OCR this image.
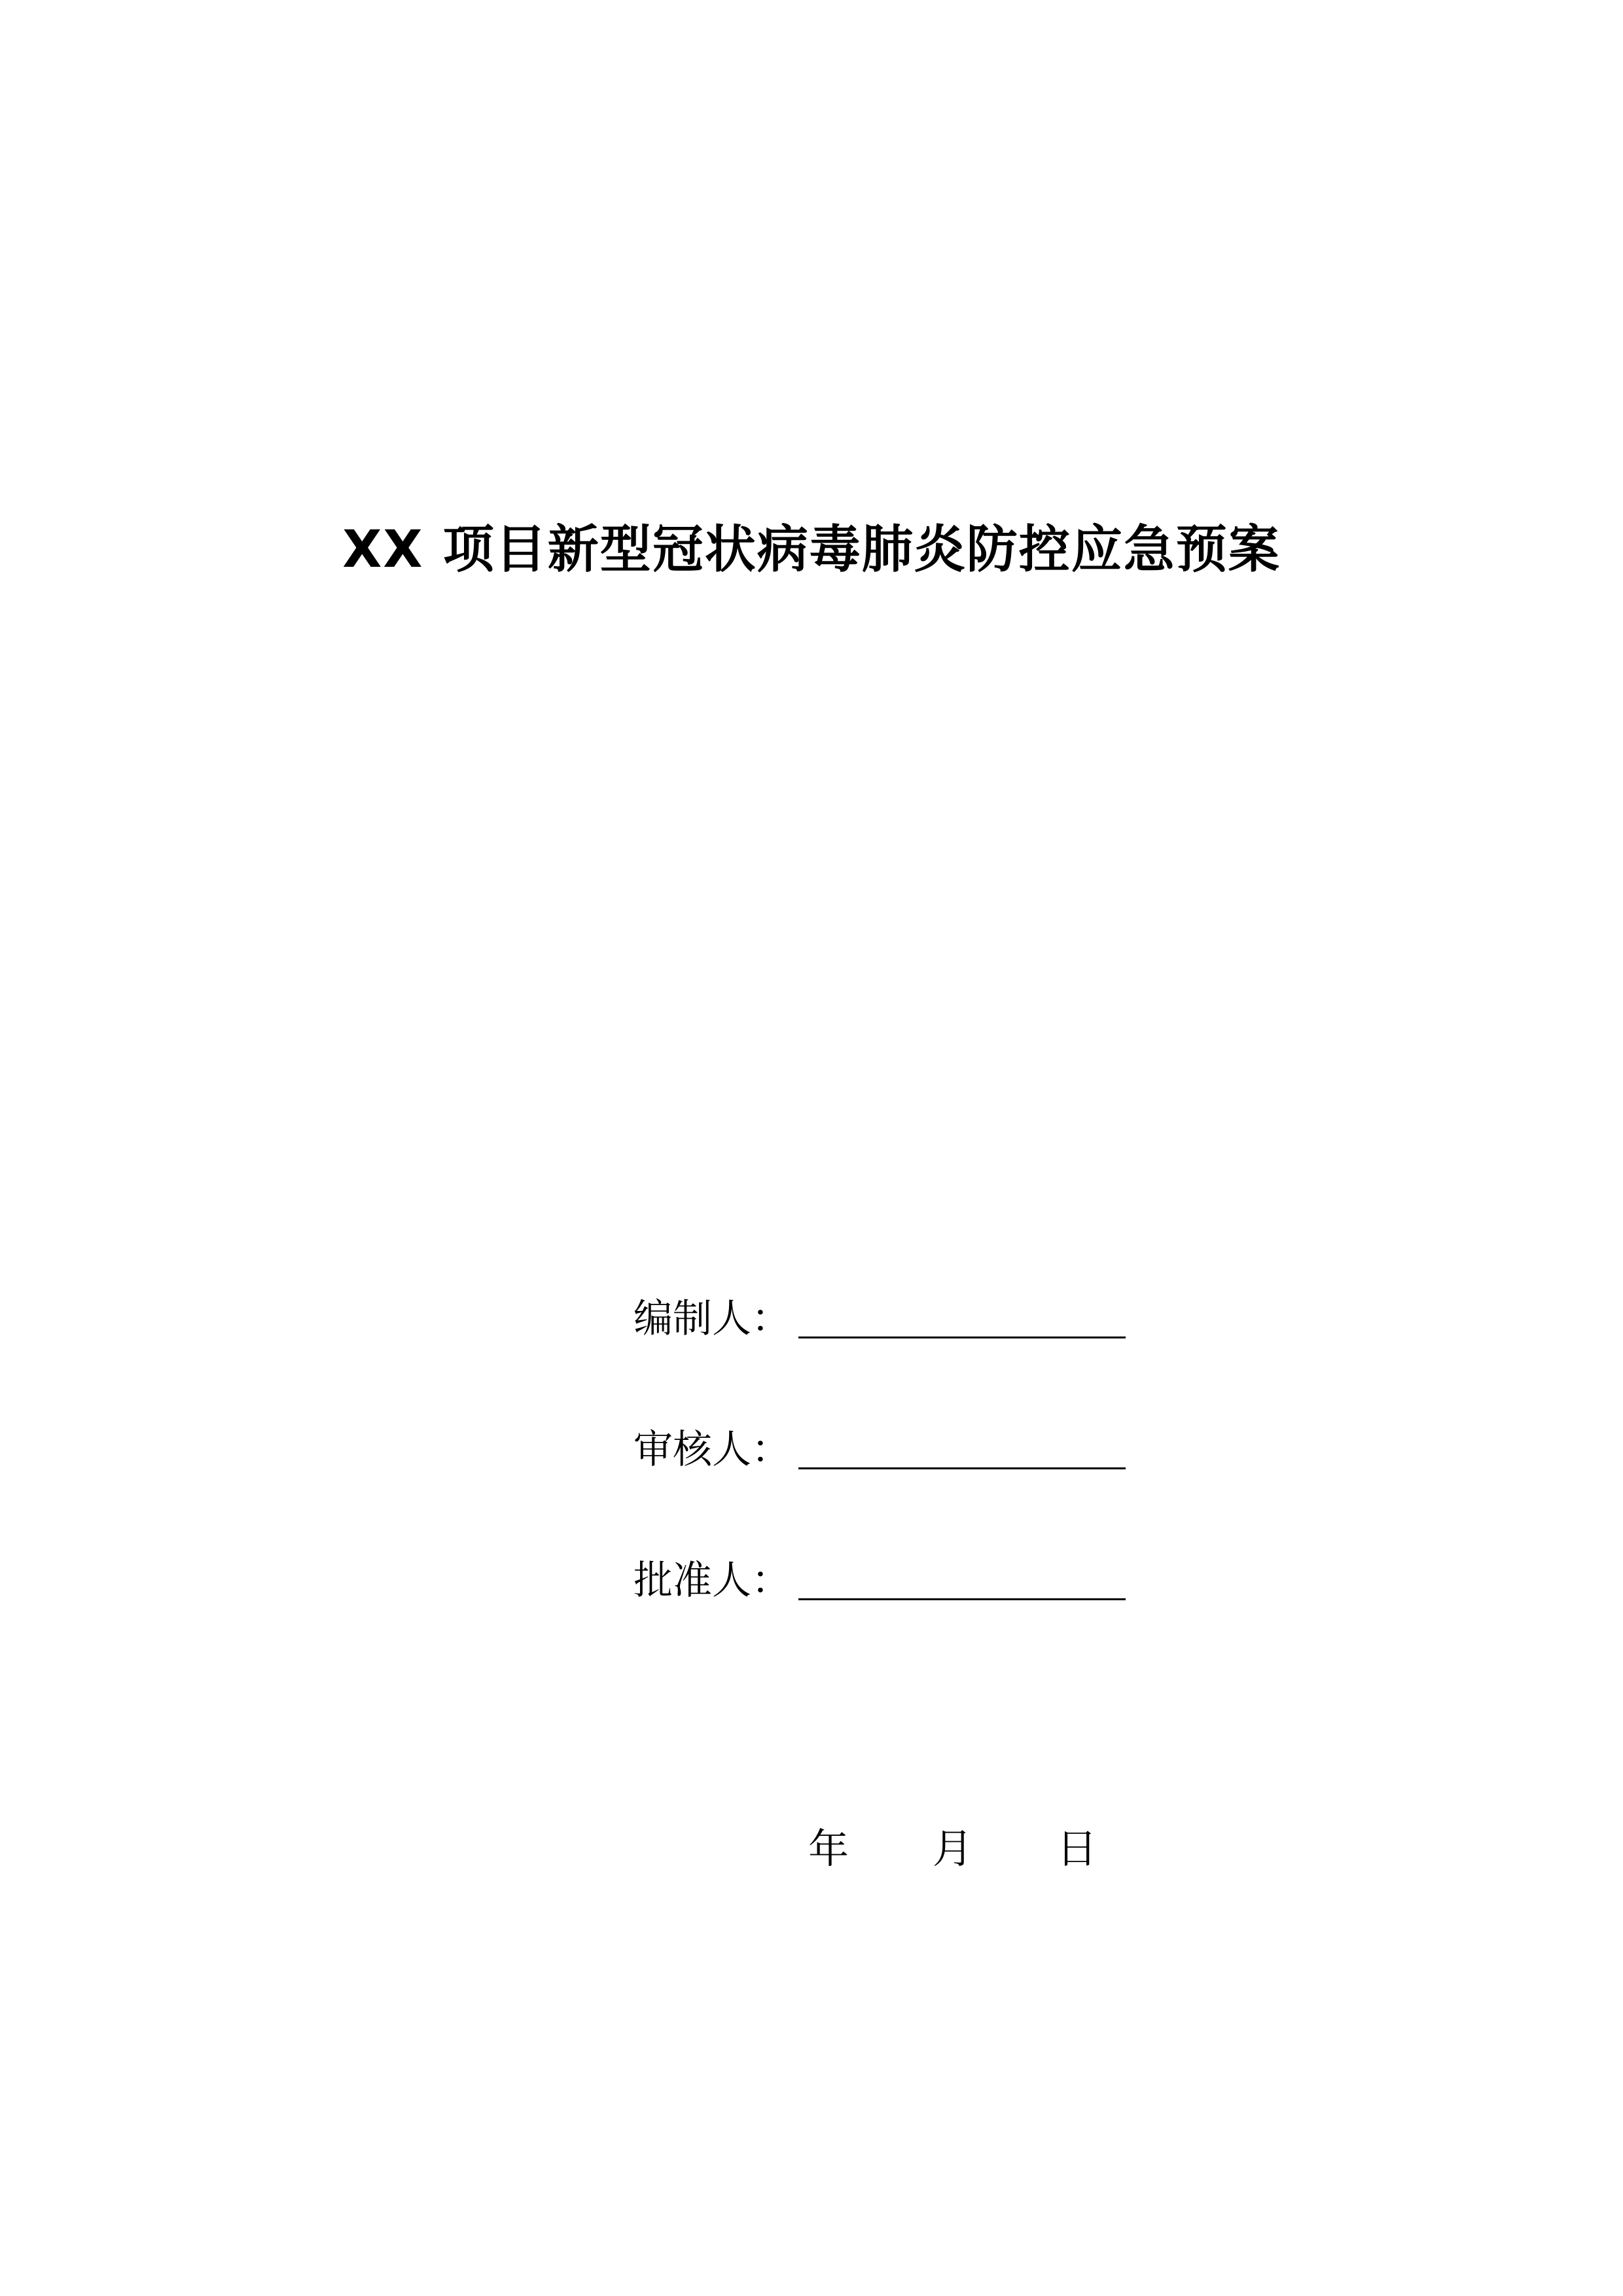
XX 项目新型冠状病毒肺炎防控应急预案
编制人 ：
审核人 ：
批准人 ：
年 月 日
